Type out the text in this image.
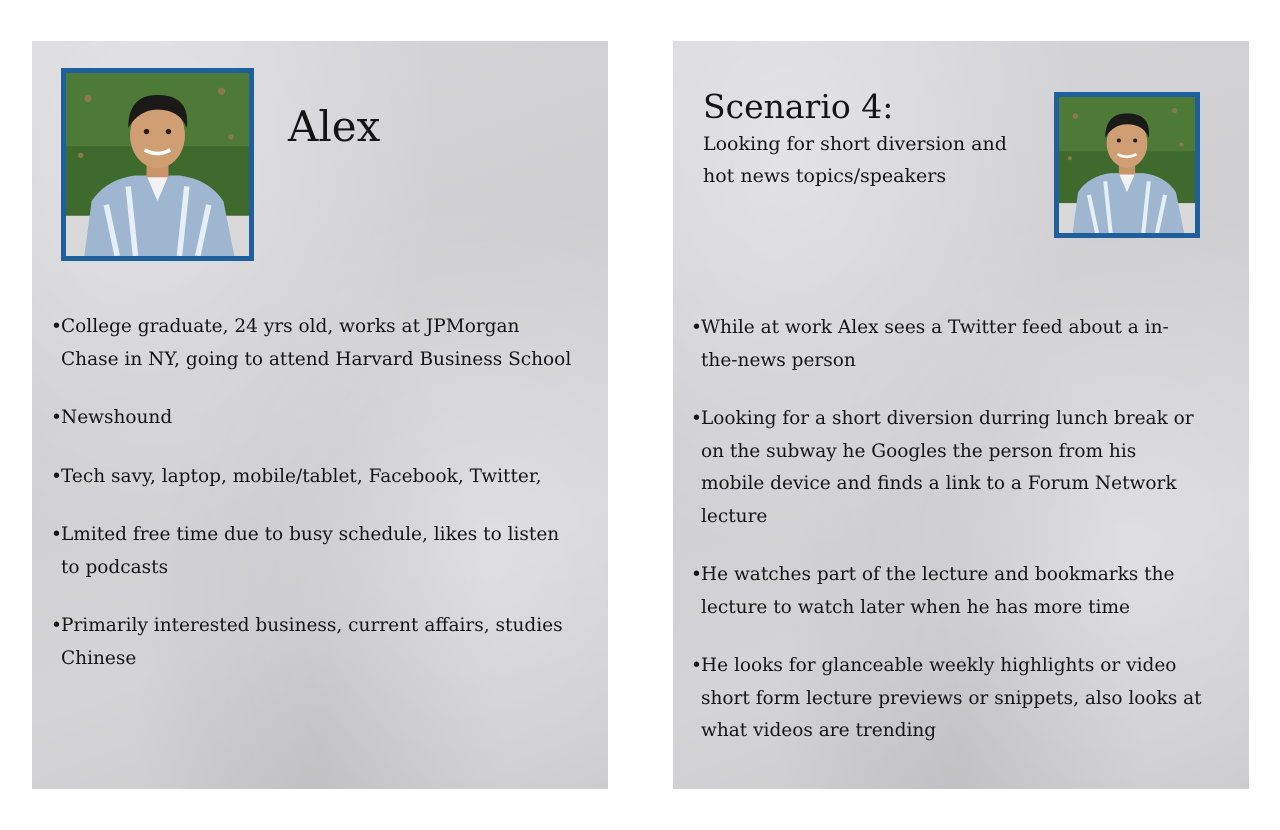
Alex
• College graduate, 24 yrs old, works at JPMorgan Chase in NY, going to attend Harvard Business School
• Newshound
• Tech savy, laptop, mobile/tablet, Facebook, Twitter,
• Lmited free time due to busy schedule, likes to listen to podcasts
• Primarily interested business, current affairs, studies Chinese
Scenario 4:

Looking for short diversion and hot news topics/speakers

• While at work Alex sees a Twitter feed about a in-the-news person
• Looking for a short diversion durring lunch break or on the subway he Googles the person from his mobile device and finds a link to a Forum Network lecture
• He watches part of the lecture and bookmarks the lecture to watch later when he has more time
• He looks for glanceable weekly highlights or video short form lecture previews or snippets, also looks at what videos are trending
